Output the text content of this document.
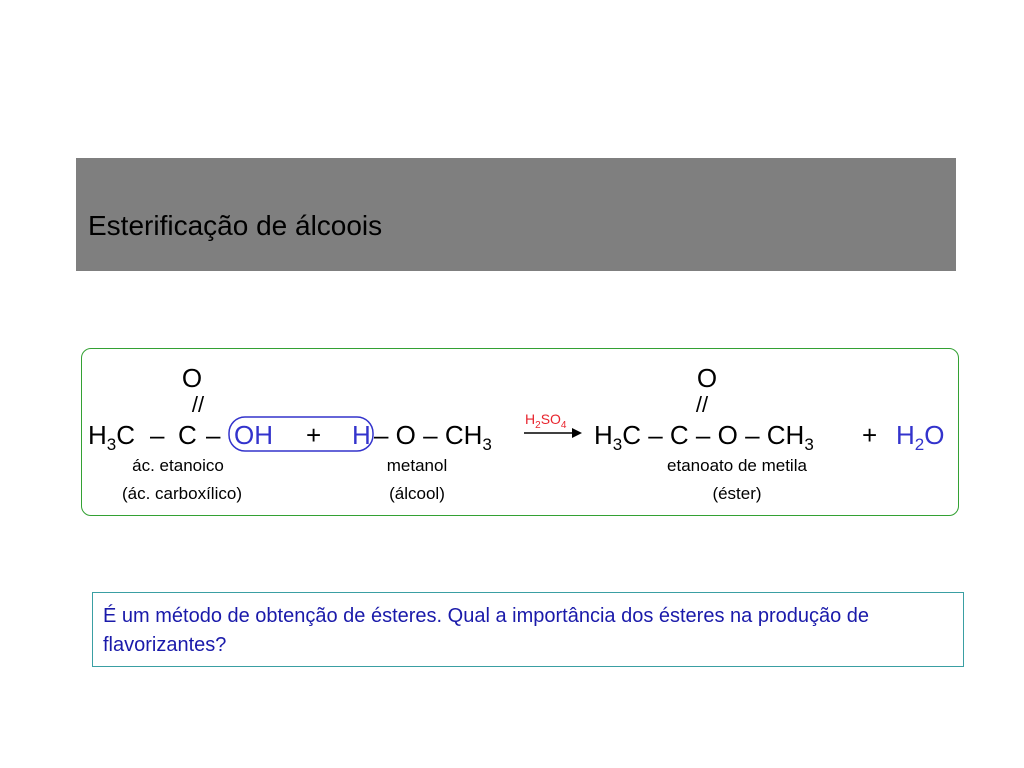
Esterificação de álcoois
O
//
$H_3C$ – C – OH + H – O – $CH_3$
$H_2SO_4$
O
//
$H_3C - C - O - CH_3 + H_2O$
ác. etanoico
(ác. carboxílico)
metanol
(álcool)
etanoato de metila
(éster)
É um método de obtenção de ésteres. Qual a importância dos ésteres na produção de flavorizantes?
